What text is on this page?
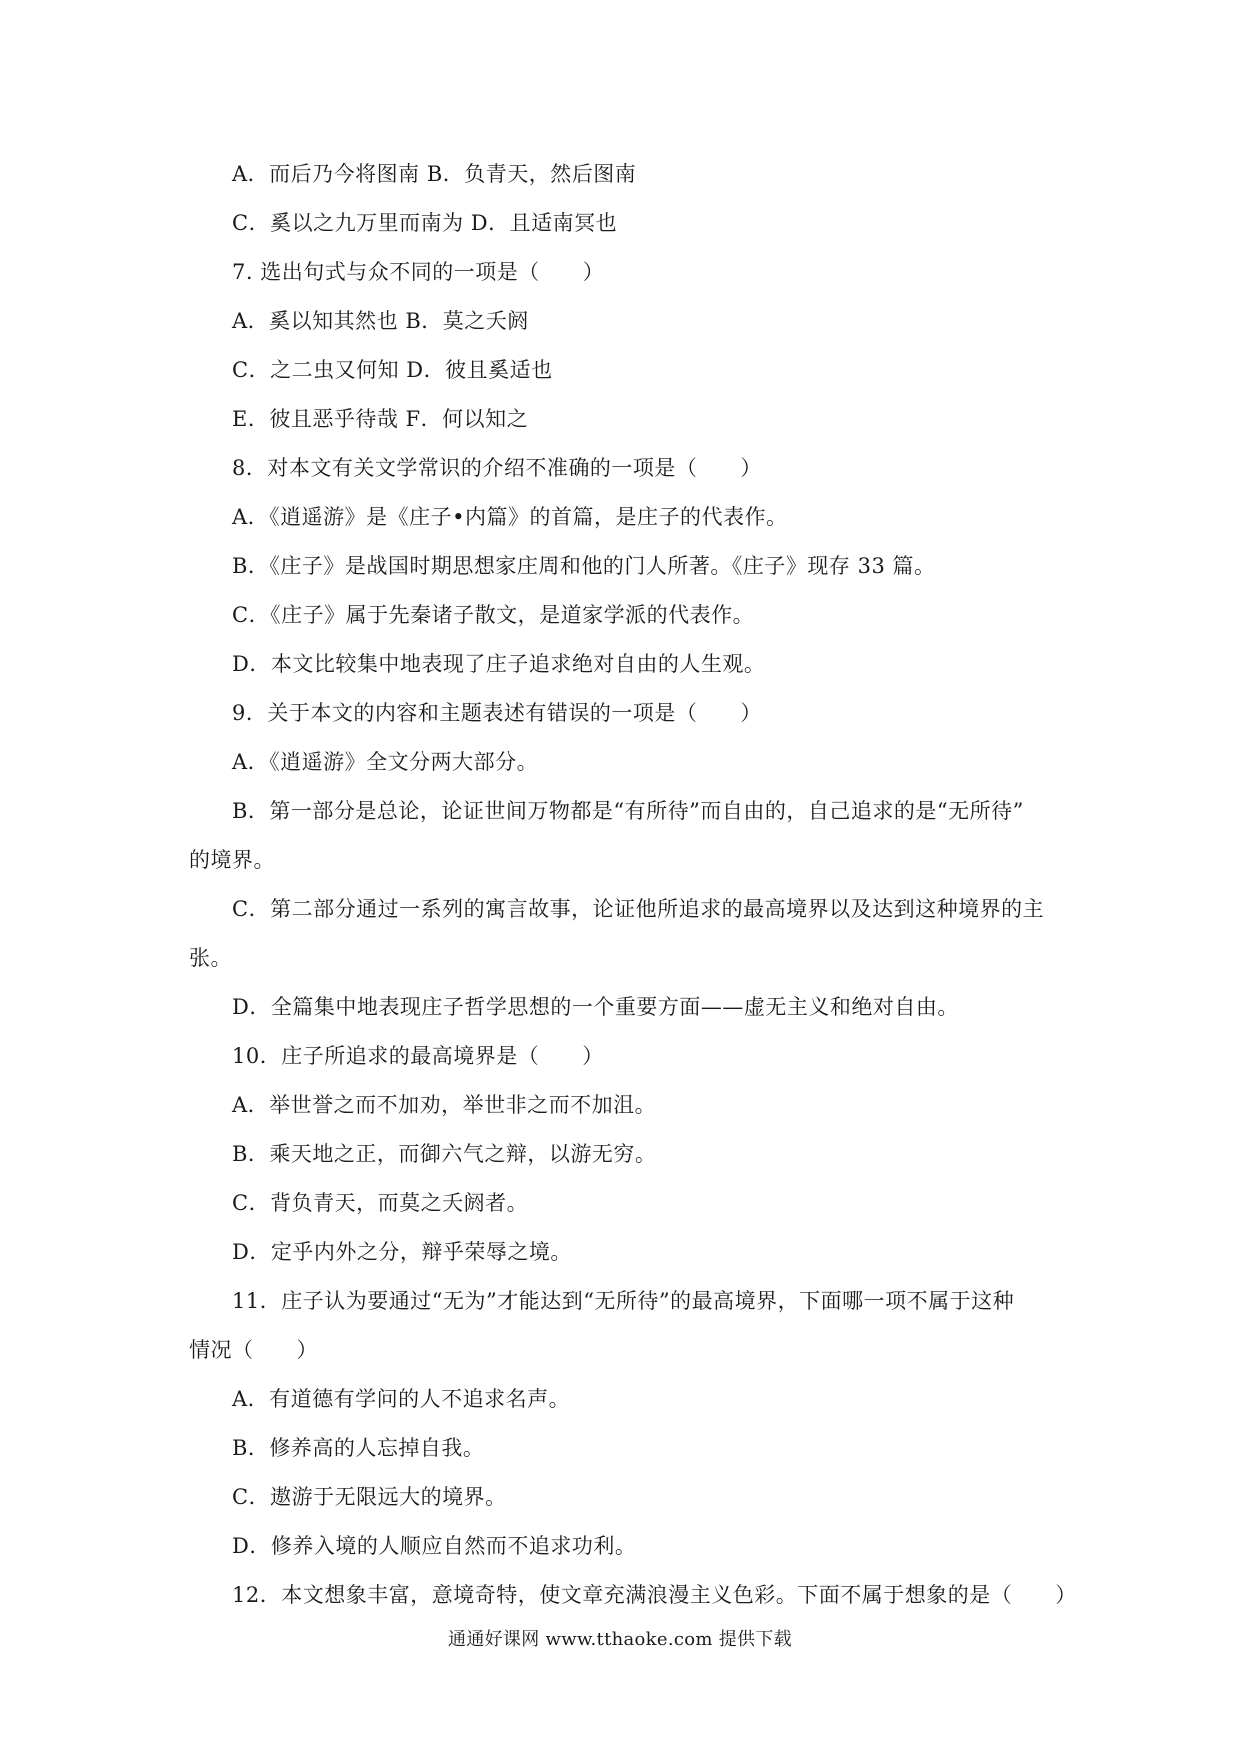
A．而后乃今将图南 B．负青天，然后图南
C．奚以之九万里而南为 D．且适南冥也
7. 选出句式与众不同的一项是（　　）
A．奚以知其然也 B．莫之夭阏
C．之二虫又何知 D．彼且奚适也
E．彼且恶乎待哉 F．何以知之
8．对本文有关文学常识的介绍不准确的一项是（　　）
A．《逍遥游》是《庄子•内篇》的首篇，是庄子的代表作。
B．《庄子》是战国时期思想家庄周和他的门人所著。《庄子》现存 33 篇。
C．《庄子》属于先秦诸子散文，是道家学派的代表作。
D．本文比较集中地表现了庄子追求绝对自由的人生观。
9．关于本文的内容和主题表述有错误的一项是（　　）
A．《逍遥游》全文分两大部分。
B．第一部分是总论，论证世间万物都是“有所待”而自由的，自己追求的是“无所待”
的境界。
C．第二部分通过一系列的寓言故事，论证他所追求的最高境界以及达到这种境界的主
张。
D．全篇集中地表现庄子哲学思想的一个重要方面——虚无主义和绝对自由。
10．庄子所追求的最高境界是（　　）
A．举世誉之而不加劝，举世非之而不加沮。
B．乘天地之正，而御六气之辩，以游无穷。
C．背负青天，而莫之夭阏者。
D．定乎内外之分，辩乎荣辱之境。
11．庄子认为要通过“无为”才能达到“无所待”的最高境界，下面哪一项不属于这种
情况（　　）
A．有道德有学问的人不追求名声。
B．修养高的人忘掉自我。
C．遨游于无限远大的境界。
D．修养入境的人顺应自然而不追求功利。
12．本文想象丰富，意境奇特，使文章充满浪漫主义色彩。下面不属于想象的是（　　）
通通好课网 www.tthaoke.com 提供下载
